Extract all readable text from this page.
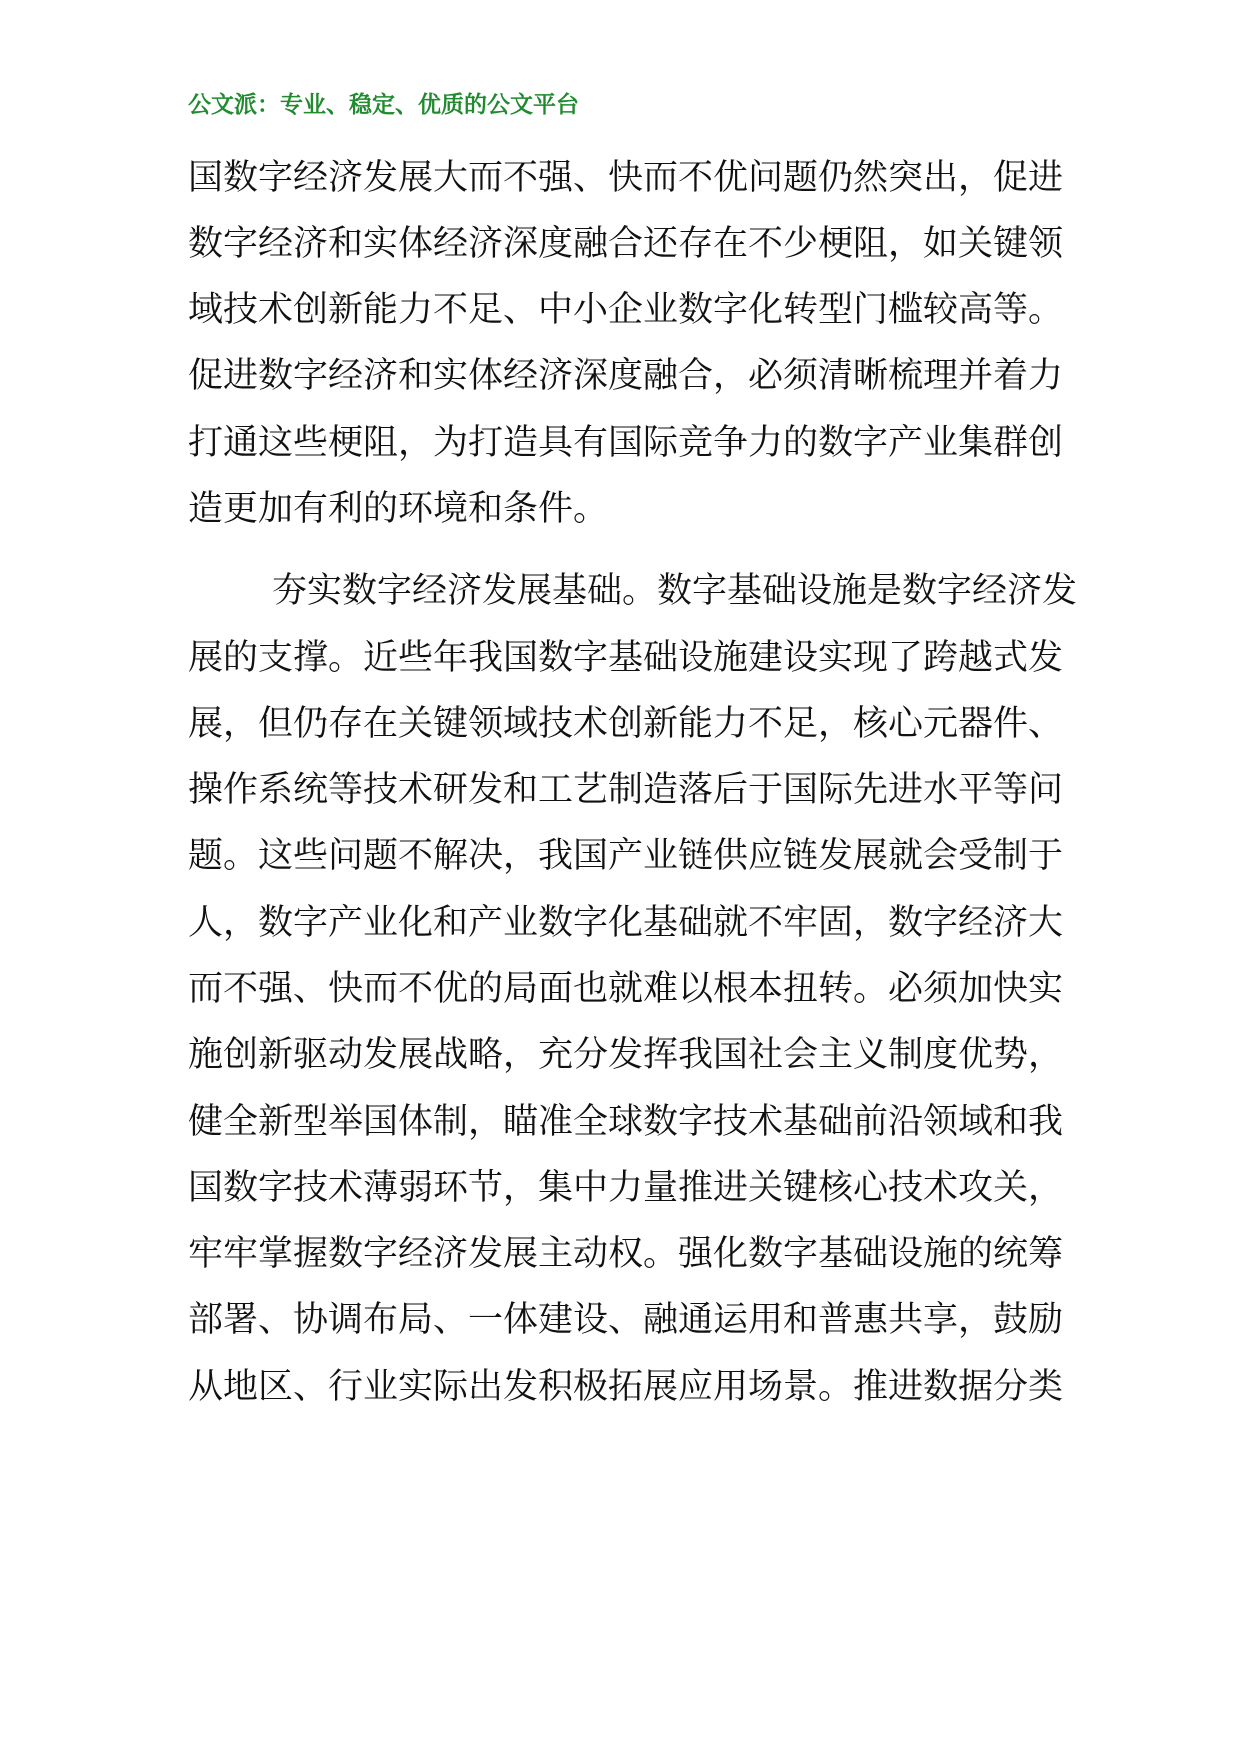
公文派：专业、稳定、优质的公文平台
国数字经济发展大而不强、快而不优问题仍然突出，促进
数字经济和实体经济深度融合还存在不少梗阻，如关键领
域技术创新能力不足、中小企业数字化转型门槛较高等。
促进数字经济和实体经济深度融合，必须清晰梳理并着力
打通这些梗阻，为打造具有国际竞争力的数字产业集群创
造更加有利的环境和条件。
夯实数字经济发展基础。数字基础设施是数字经济发
展的支撑。近些年我国数字基础设施建设实现了跨越式发
展，但仍存在关键领域技术创新能力不足，核心元器件、
操作系统等技术研发和工艺制造落后于国际先进水平等问
题。这些问题不解决，我国产业链供应链发展就会受制于
人，数字产业化和产业数字化基础就不牢固，数字经济大
而不强、快而不优的局面也就难以根本扭转。必须加快实
施创新驱动发展战略，充分发挥我国社会主义制度优势，
健全新型举国体制，瞄准全球数字技术基础前沿领域和我
国数字技术薄弱环节，集中力量推进关键核心技术攻关，
牢牢掌握数字经济发展主动权。强化数字基础设施的统筹
部署、协调布局、一体建设、融通运用和普惠共享，鼓励
从地区、行业实际出发积极拓展应用场景。推进数据分类
